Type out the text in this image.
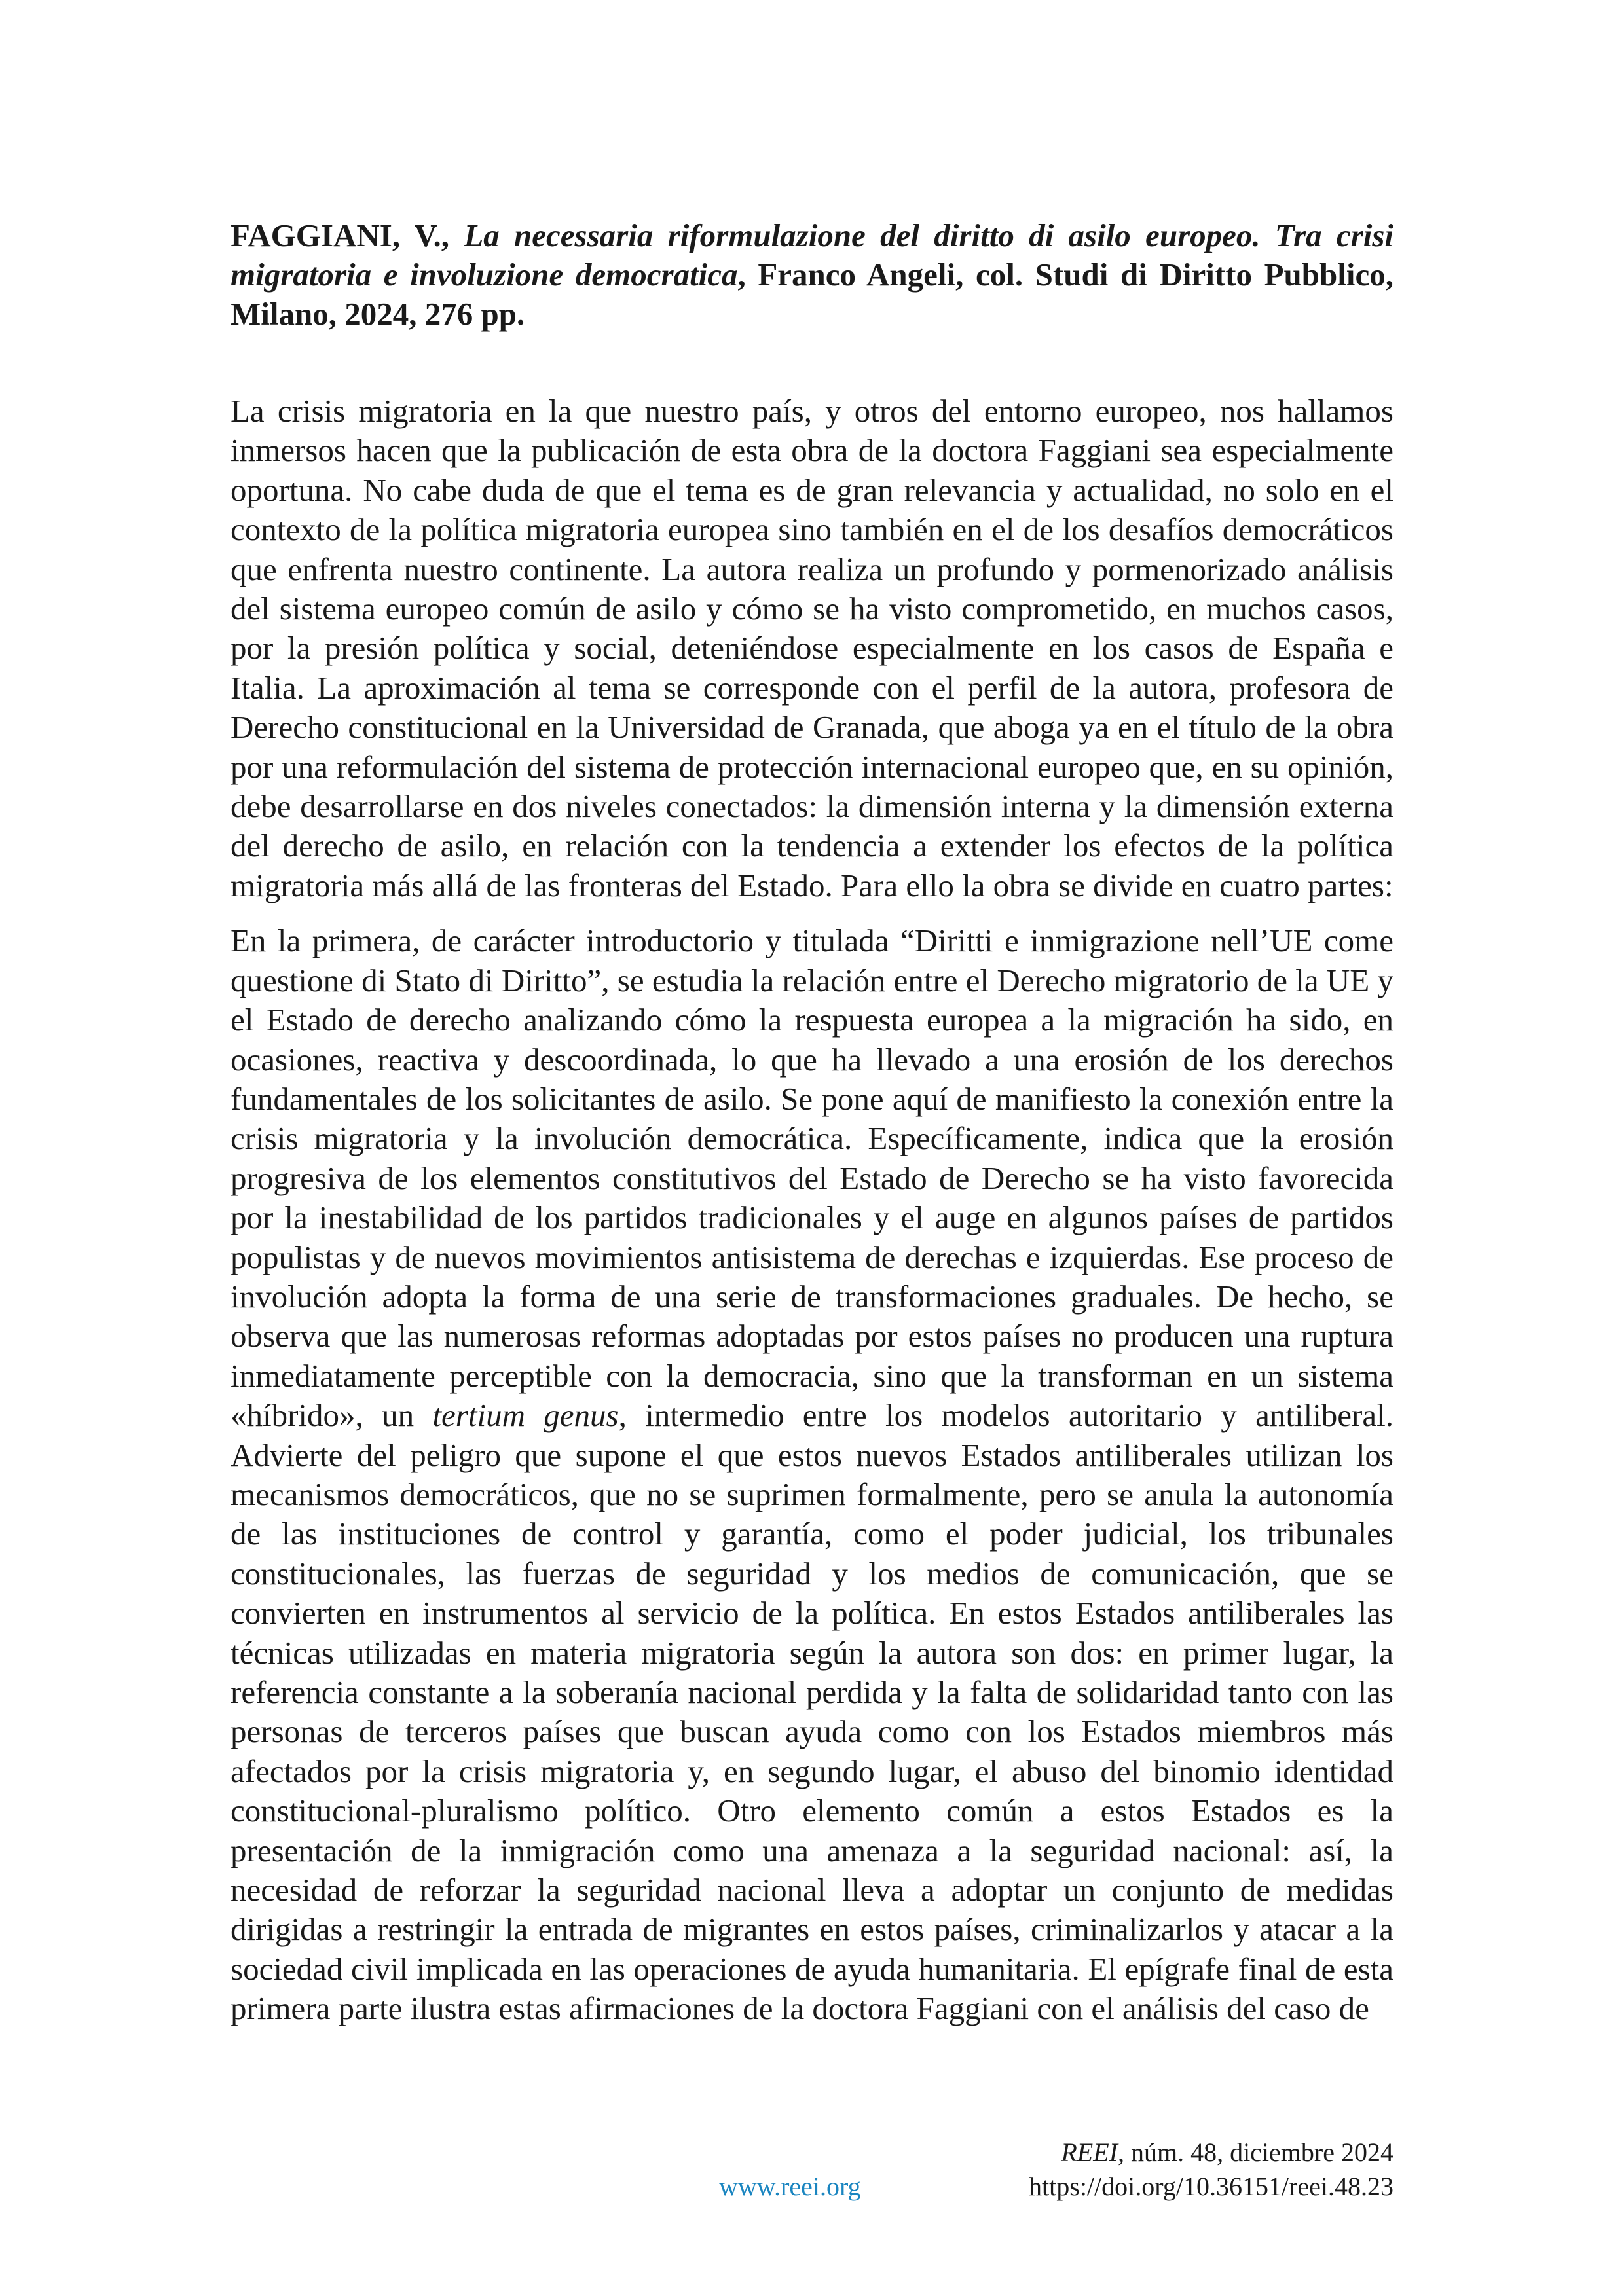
FAGGIANI, V., La necessaria riformulazione del diritto di asilo europeo. Tra crisi migratoria e involuzione democratica, Franco Angeli, col. Studi di Diritto Pubblico, Milano, 2024, 276 pp.

La crisis migratoria en la que nuestro país, y otros del entorno europeo, nos hallamos inmersos hacen que la publicación de esta obra de la doctora Faggiani sea especialmente oportuna. No cabe duda de que el tema es de gran relevancia y actualidad, no solo en el contexto de la política migratoria europea sino también en el de los desafíos democráticos que enfrenta nuestro continente. La autora realiza un profundo y pormenorizado análisis del sistema europeo común de asilo y cómo se ha visto comprometido, en muchos casos, por la presión política y social, deteniéndose especialmente en los casos de España e Italia. La aproximación al tema se corresponde con el perfil de la autora, profesora de Derecho constitucional en la Universidad de Granada, que aboga ya en el título de la obra por una reformulación del sistema de protección internacional europeo que, en su opinión, debe desarrollarse en dos niveles conectados: la dimensión interna y la dimensión externa del derecho de asilo, en relación con la tendencia a extender los efectos de la política migratoria más allá de las fronteras del Estado. Para ello la obra se divide en cuatro partes:

En la primera, de carácter introductorio y titulada “Diritti e inmigrazione nell’UE come questione di Stato di Diritto”, se estudia la relación entre el Derecho migratorio de la UE y el Estado de derecho analizando cómo la respuesta europea a la migración ha sido, en ocasiones, reactiva y descoordinada, lo que ha llevado a una erosión de los derechos fundamentales de los solicitantes de asilo. Se pone aquí de manifiesto la conexión entre la crisis migratoria y la involución democrática. Específicamente, indica que la erosión progresiva de los elementos constitutivos del Estado de Derecho se ha visto favorecida por la inestabilidad de los partidos tradicionales y el auge en algunos países de partidos populistas y de nuevos movimientos antisistema de derechas e izquierdas. Ese proceso de involución adopta la forma de una serie de transformaciones graduales. De hecho, se observa que las numerosas reformas adoptadas por estos países no producen una ruptura inmediatamente perceptible con la democracia, sino que la transforman en un sistema «híbrido», un tertium genus, intermedio entre los modelos autoritario y antiliberal. Advierte del peligro que supone el que estos nuevos Estados antiliberales utilizan los mecanismos democráticos, que no se suprimen formalmente, pero se anula la autonomía de las instituciones de control y garantía, como el poder judicial, los tribunales constitucionales, las fuerzas de seguridad y los medios de comunicación, que se convierten en instrumentos al servicio de la política. En estos Estados antiliberales las técnicas utilizadas en materia migratoria según la autora son dos: en primer lugar, la referencia constante a la soberanía nacional perdida y la falta de solidaridad tanto con las personas de terceros países que buscan ayuda como con los Estados miembros más afectados por la crisis migratoria y, en segundo lugar, el abuso del binomio identidad constitucional-pluralismo político. Otro elemento común a estos Estados es la presentación de la inmigración como una amenaza a la seguridad nacional: así, la necesidad de reforzar la seguridad nacional lleva a adoptar un conjunto de medidas dirigidas a restringir la entrada de migrantes en estos países, criminalizarlos y atacar a la sociedad civil implicada en las operaciones de ayuda humanitaria. El epígrafe final de esta primera parte ilustra estas afirmaciones de la doctora Faggiani con el análisis del caso de

REEI, núm. 48, diciembre 2024
www.reei.org	https://doi.org/10.36151/reei.48.23
